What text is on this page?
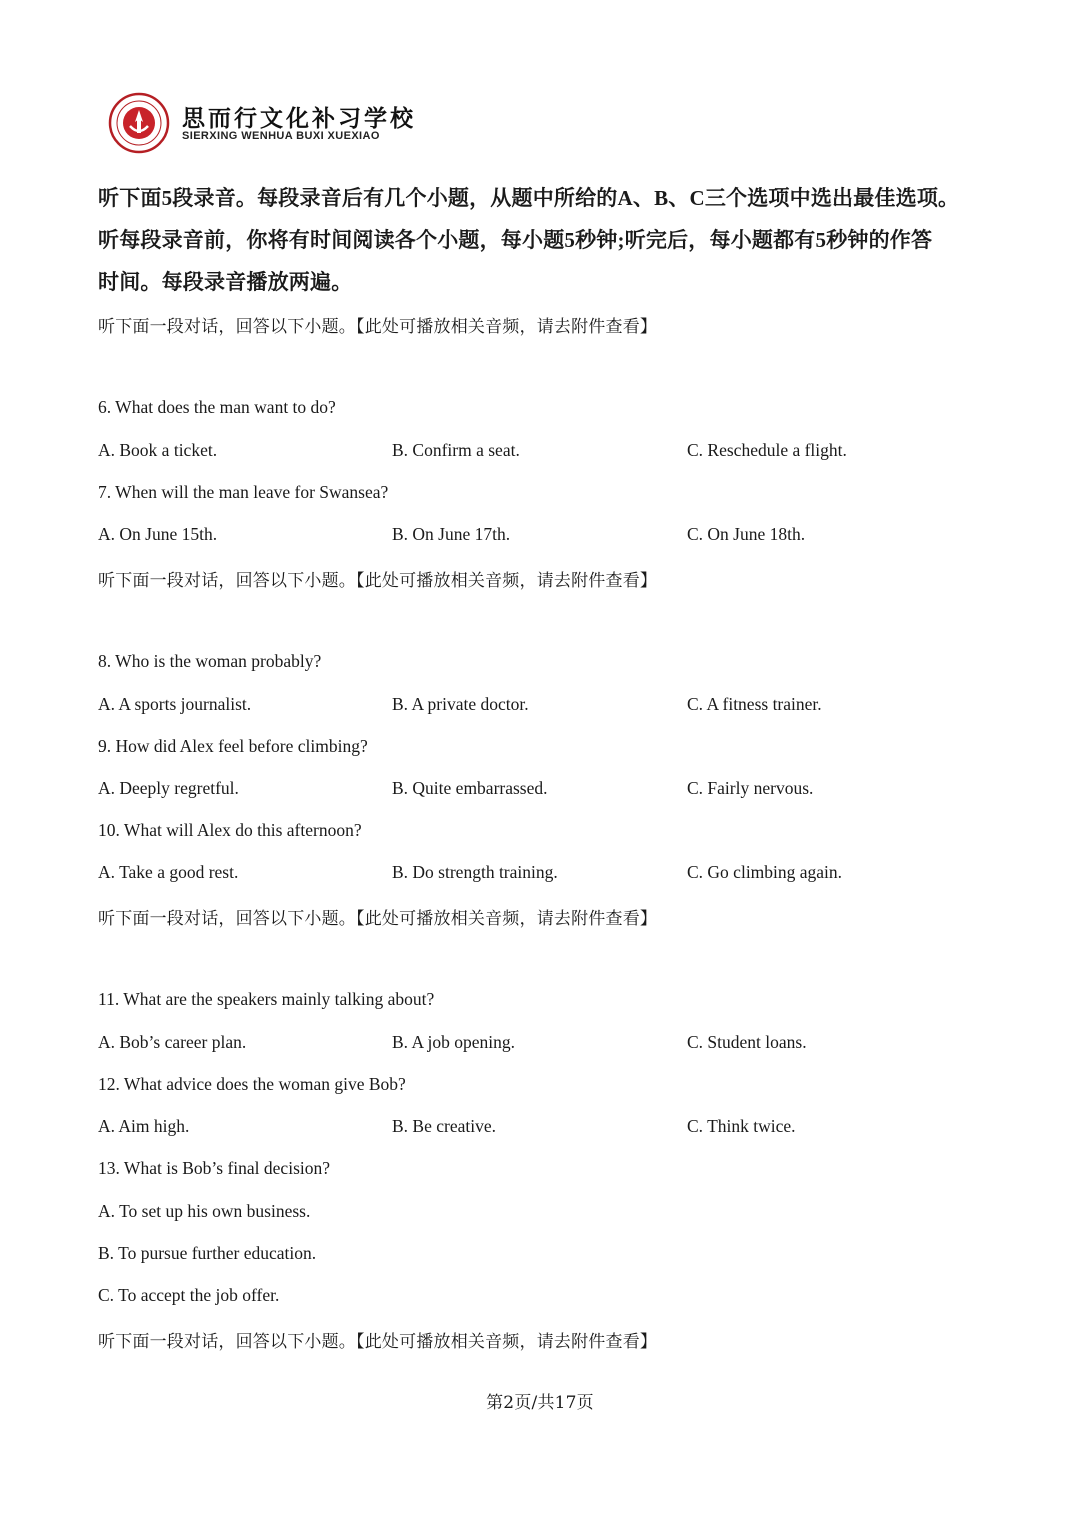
思而行文化补习学校
SIERXING WENHUA BUXI XUEXIAO
听下面5段录音。每段录音后有几个小题，从题中所给的A、B、C三个选项中选出最佳选项。
听每段录音前，你将有时间阅读各个小题，每小题5秒钟;听完后，每小题都有5秒钟的作答
时间。每段录音播放两遍。
听下面一段对话，回答以下小题。【此处可播放相关音频，请去附件查看】
6. What does the man want to do?
A. Book a ticket.	B. Confirm a seat.	C. Reschedule a flight.
7. When will the man leave for Swansea?
A. On June 15th.	B. On June 17th.	C. On June 18th.
听下面一段对话，回答以下小题。【此处可播放相关音频，请去附件查看】
8. Who is the woman probably?
A. A sports journalist.	B. A private doctor.	C. A fitness trainer.
9. How did Alex feel before climbing?
A. Deeply regretful.	B. Quite embarrassed.	C. Fairly nervous.
10. What will Alex do this afternoon?
A. Take a good rest.	B. Do strength training.	C. Go climbing again.
听下面一段对话，回答以下小题。【此处可播放相关音频，请去附件查看】
11. What are the speakers mainly talking about?
A. Bob’s career plan.	B. A job opening.	C. Student loans.
12. What advice does the woman give Bob?
A. Aim high.	B. Be creative.	C. Think twice.
13. What is Bob’s final decision?
A. To set up his own business.
B. To pursue further education.
C. To accept the job offer.
听下面一段对话，回答以下小题。【此处可播放相关音频，请去附件查看】
第2页/共17页
